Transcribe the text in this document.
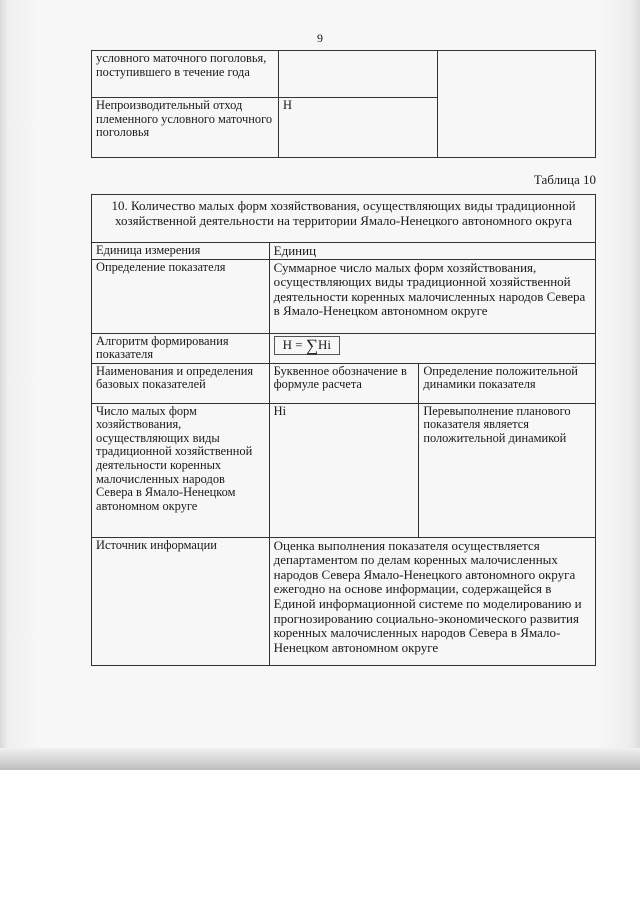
9
условного маточного поголовья, поступившего в течение года		
Непроизводительный отход племенного условного маточного поголовья	Н	
Таблица 10
10. Количество малых форм хозяйствования, осуществляющих виды традиционной хозяйственной деятельности на территории Ямало-Ненецкого автономного округа		
Единица измерения	Единиц	
Определение показателя	Суммарное число малых форм хозяйствования, осуществляющих виды традиционной хозяйственной деятельности коренных малочисленных народов Севера в Ямало-Ненецком автономном округе	
Алгоритм формирования показателя	Н = ∑Hi	
Наименования и определения базовых показателей	Буквенное обозначение в формуле расчета	Определение положительной динамики показателя
Число малых форм хозяйствования, осуществляющих виды традиционной хозяйственной деятельности коренных малочисленных народов Севера в Ямало-Ненецком автономном округе	Hi	Перевыполнение планового показателя является положительной динамикой
Источник информации	Оценка выполнения показателя осуществляется департаментом по делам коренных малочисленных народов Севера Ямало-Ненецкого автономного округа ежегодно на основе информации, содержащейся в Единой информационной системе по моделированию и прогнозированию социально-экономического развития коренных малочисленных народов Севера в Ямало-Ненецком автономном округе	
